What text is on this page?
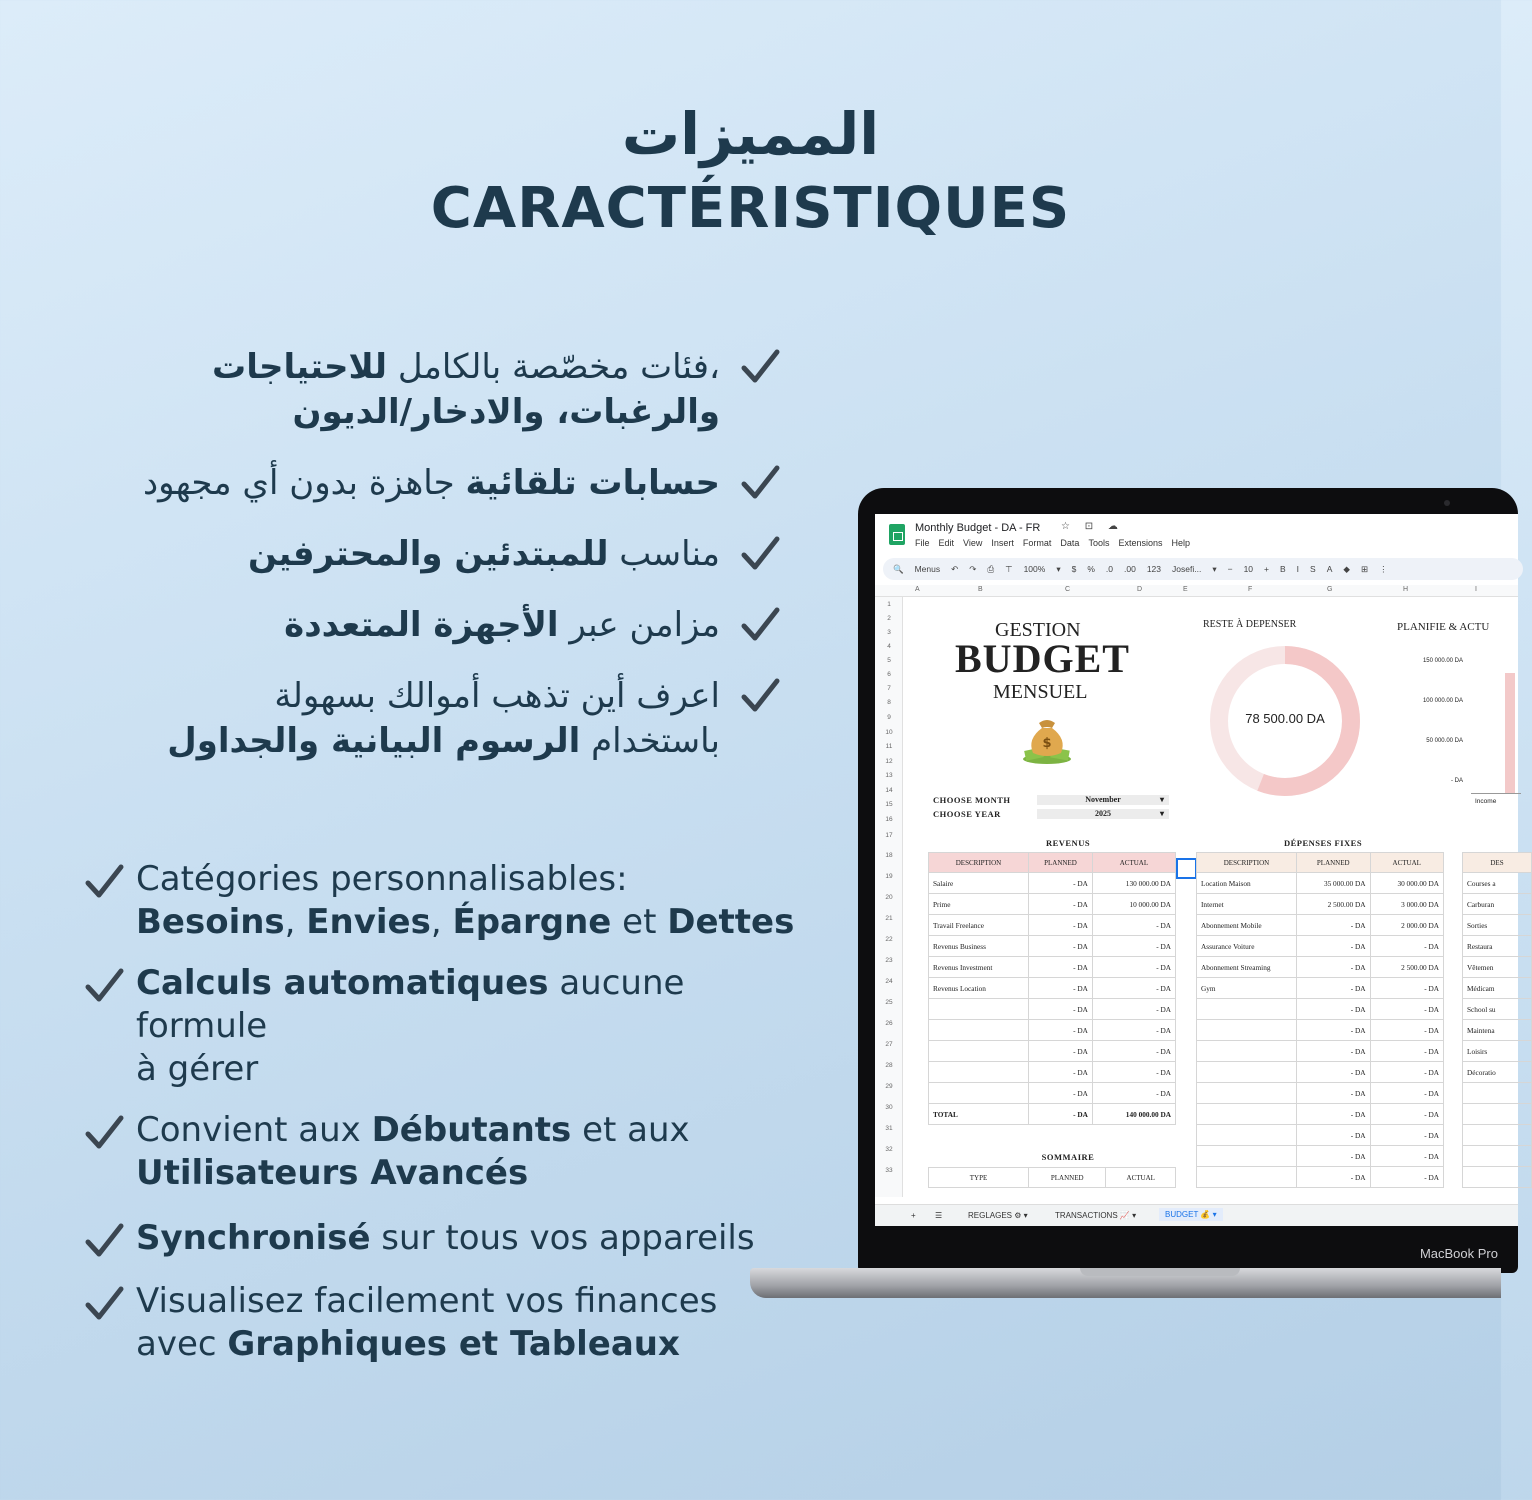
المميزات
CARACTÉRISTIQUES
،فئات مخصّصة بالكامل للاحتياجات
والرغبات، والادخار/الديون
حسابات تلقائية جاهزة بدون أي مجهود
مناسب للمبتدئين والمحترفين
مزامن عبر الأجهزة المتعددة
اعرف أين تذهب أموالك بسهولة
باستخدام الرسوم البيانية والجداول
Catégories personnalisables:
Besoins, Envies, Épargne et Dettes
Calculs automatiques aucune formule
à gérer
Convient aux Débutants et aux
Utilisateurs Avancés
Synchronisé sur tous vos appareils
Visualisez facilement vos finances
avec Graphiques et Tableaux
Monthly Budget - DA - FR ☆ ⊡ ☁
File Edit View Insert Format Data Tools Extensions Help
🔍 Menus ↶ ↷ ⎙ ⊤ 100% ▾ $ % .0 .00 123 Josefi... ▾ − 10 + B I S A ◆ ⊞ ⋮
A	B	C	D	E	F	G	H	I
1
2
3
4
5
6
7
8
9
10
11
12
13
14
15
16
17
18
19
20
21
22
23
24
25
26
27
28
29
30
31
32
33
GESTION
BUDGET
MENSUEL
$
CHOOSE MONTH	November ▾
CHOOSE YEAR	2025 ▾
RESTE À DEPENSER
78 500.00 DA
PLANIFIE & ACTU
150 000.00 DA
100 000.00 DA
50 000.00 DA
- DA
Income
REVENUS	DÉPENSES FIXES
DESCRIPTION	PLANNED	ACTUAL
Salaire	- DA	130 000.00 DA
Prime	- DA	10 000.00 DA
Travail Freelance	- DA	- DA
Revenus Business	- DA	- DA
Revenus Investment	- DA	- DA
Revenus Location	- DA	- DA
	- DA	- DA
	- DA	- DA
	- DA	- DA
	- DA	- DA
	- DA	- DA
TOTAL	- DA	140 000.00 DA
DESCRIPTION	PLANNED	ACTUAL
Location Maison	35 000.00 DA	30 000.00 DA
Internet	2 500.00 DA	3 000.00 DA
Abonnement Mobile	- DA	2 000.00 DA
Assurance Voiture	- DA	- DA
Abonnement Streaming	- DA	2 500.00 DA
Gym	- DA	- DA
	- DA	- DA
	- DA	- DA
	- DA	- DA
	- DA	- DA
	- DA	- DA
	- DA	- DA
	- DA	- DA
	- DA	- DA
	- DA	- DA
DES
Courses a
Carburan
Sorties
Restaura
Vêtemen
Médicam
School su
Maintena
Loisirs
Décoratio

SOMMAIRE
TYPE	PLANNED	ACTUAL
+ ☰	REGLAGES ⚙ ▾	TRANSACTIONS 📈 ▾	BUDGET 💰 ▾
MacBook Pro
